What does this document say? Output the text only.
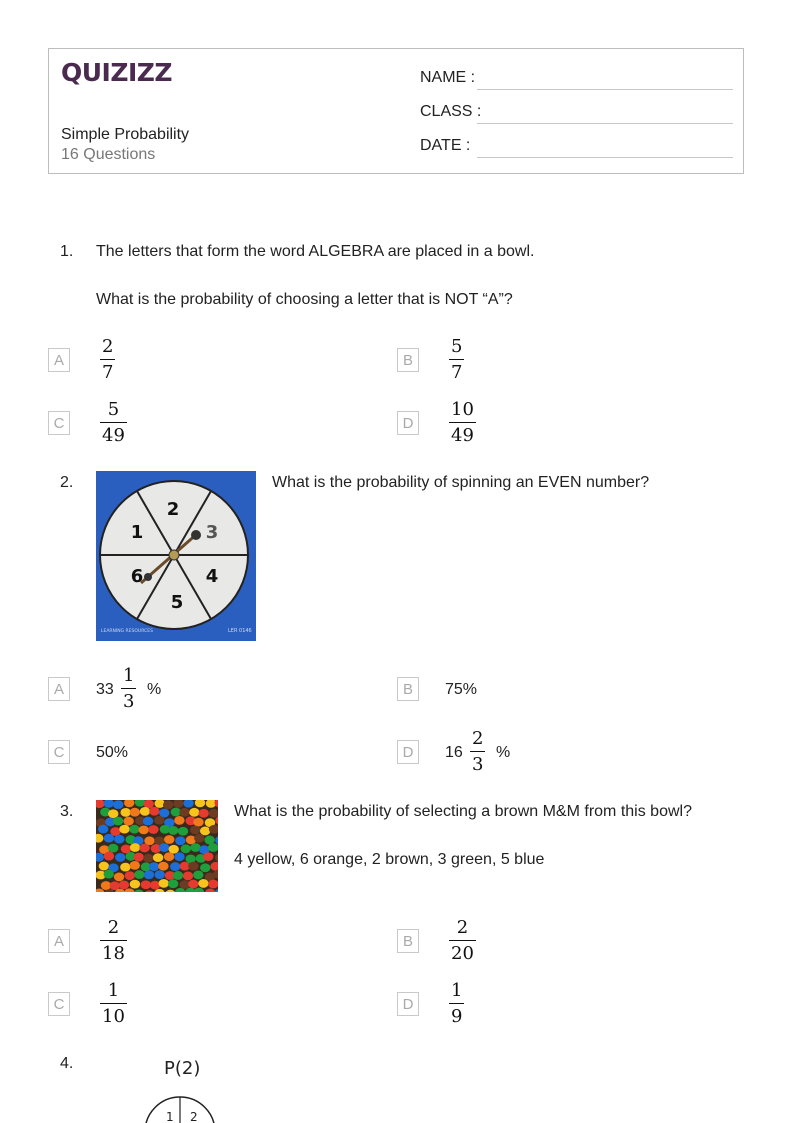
QUIZIZZ
Simple Probability
16 Questions
NAME :
CLASS :
DATE :
1. The letters that form the word ALGEBRA are placed in a bowl.
What is the probability of choosing a letter that is NOT “A”?
A
2
7
B
5
7
C
5
49
D
10
49
2.
2
3
4
5
6
1
LEARNING RESOURCES	LER 0146
What is the probability of spinning an EVEN number?
A	33
1
3
%	B	75%
C	50%	D	16
2
3
%
3.	What is the probability of selecting a brown M&M from this bowl?
4 yellow, 6 orange, 2 brown, 3 green, 5 blue
A
2
18
B
2
20
C
1
10
D
1
9
4.	P(2)
1 2
